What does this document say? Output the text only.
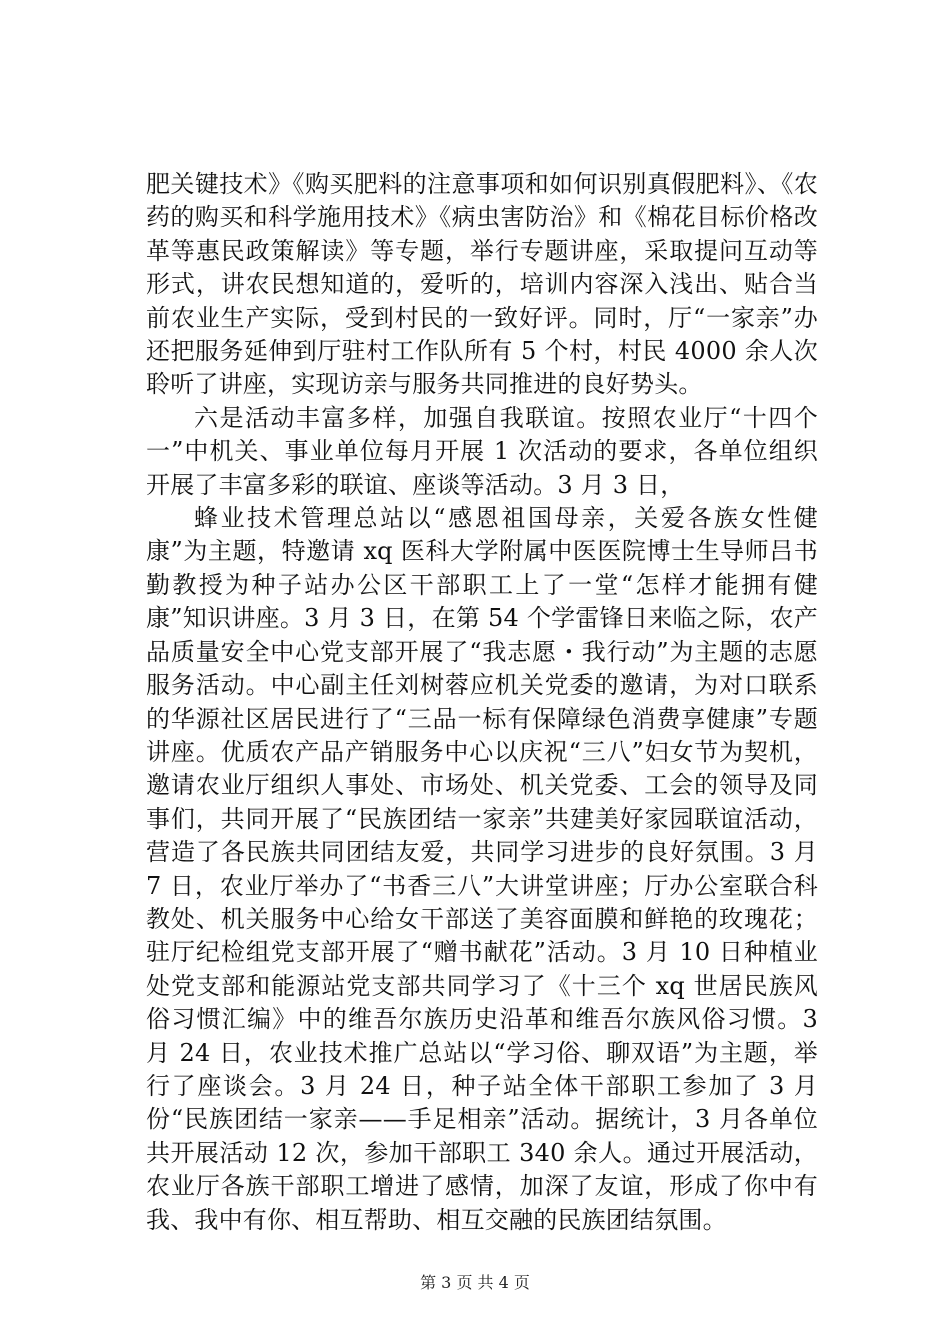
肥关键技术》《购买肥料的注意事项和如何识别真假肥料》、《农药的购买和科学施用技术》《病虫害防治》和《棉花目标价格改革等惠民政策解读》等专题，举行专题讲座，采取提问互动等形式，讲农民想知道的，爱听的，培训内容深入浅出、贴合当前农业生产实际，受到村民的一致好评。同时，厅“一家亲”办还把服务延伸到厅驻村工作队所有 5 个村，村民 4000 余人次聆听了讲座，实现访亲与服务共同推进的良好势头。

六是活动丰富多样，加强自我联谊。按照农业厅“十四个一”中机关、事业单位每月开展 1 次活动的要求，各单位组织开展了丰富多彩的联谊、座谈等活动。3 月 3 日，

蜂业技术管理总站以“感恩祖国母亲，关爱各族女性健康”为主题，特邀请 xq 医科大学附属中医医院博士生导师吕书勤教授为种子站办公区干部职工上了一堂“怎样才能拥有健康”知识讲座。3 月 3 日，在第 54 个学雷锋日来临之际，农产品质量安全中心党支部开展了“我志愿・我行动”为主题的志愿服务活动。中心副主任刘树蓉应机关党委的邀请，为对口联系的华源社区居民进行了“三品一标有保障绿色消费享健康”专题讲座。优质农产品产销服务中心以庆祝“三八”妇女节为契机，邀请农业厅组织人事处、市场处、机关党委、工会的领导及同事们，共同开展了“民族团结一家亲”共建美好家园联谊活动，营造了各民族共同团结友爱，共同学习进步的良好氛围。3 月 7 日，农业厅举办了“书香三八”大讲堂讲座；厅办公室联合科教处、机关服务中心给女干部送了美容面膜和鲜艳的玫瑰花；驻厅纪检组党支部开展了“赠书献花”活动。3 月 10 日种植业处党支部和能源站党支部共同学习了《十三个 xq 世居民族风俗习惯汇编》中的维吾尔族历史沿革和维吾尔族风俗习惯。3 月 24 日，农业技术推广总站以“学习俗、聊双语”为主题，举行了座谈会。3 月 24 日，种子站全体干部职工参加了 3 月份“民族团结一家亲——手足相亲”活动。据统计，3 月各单位共开展活动 12 次，参加干部职工 340 余人。通过开展活动，农业厅各族干部职工增进了感情，加深了友谊，形成了你中有我、我中有你、相互帮助、相互交融的民族团结氛围。

第 3 页 共 4 页
